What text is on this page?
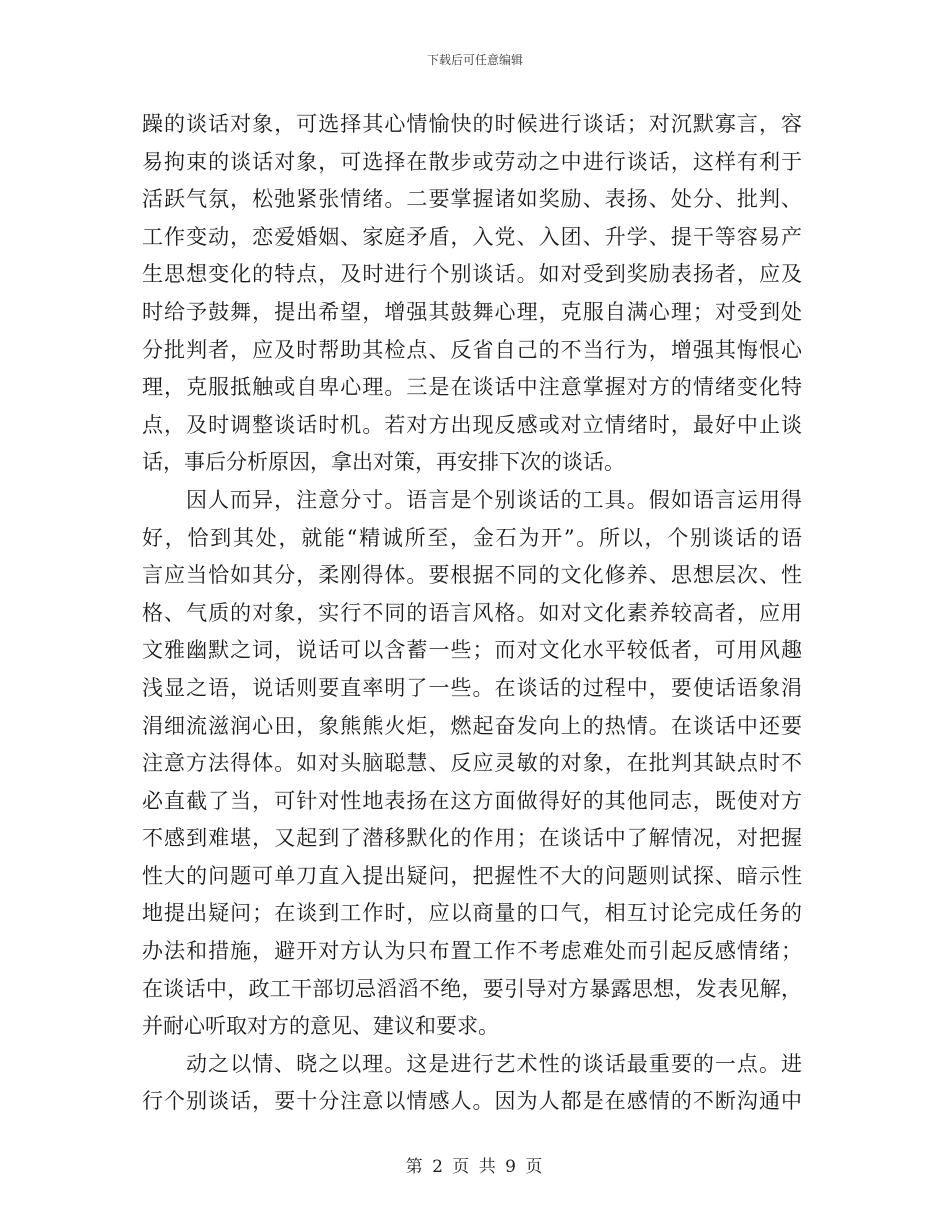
下载后可任意编辑
躁的谈话对象，可选择其心情愉快的时候进行谈话；对沉默寡言，容
易拘束的谈话对象，可选择在散步或劳动之中进行谈话，这样有利于
活跃气氛，松弛紧张情绪。二要掌握诸如奖励、表扬、处分、批判、
工作变动，恋爱婚姻、家庭矛盾，入党、入团、升学、提干等容易产
生思想变化的特点，及时进行个别谈话。如对受到奖励表扬者，应及
时给予鼓舞，提出希望，增强其鼓舞心理，克服自满心理；对受到处
分批判者，应及时帮助其检点、反省自己的不当行为，增强其悔恨心
理，克服抵触或自卑心理。三是在谈话中注意掌握对方的情绪变化特
点，及时调整谈话时机。若对方出现反感或对立情绪时，最好中止谈
话，事后分析原因，拿出对策，再安排下次的谈话。
因人而异，注意分寸。语言是个别谈话的工具。假如语言运用得
好，恰到其处，就能“精诚所至，金石为开”。所以，个别谈话的语
言应当恰如其分，柔刚得体。要根据不同的文化修养、思想层次、性
格、气质的对象，实行不同的语言风格。如对文化素养较高者，应用
文雅幽默之词，说话可以含蓄一些；而对文化水平较低者，可用风趣
浅显之语，说话则要直率明了一些。在谈话的过程中，要使话语象涓
涓细流滋润心田，象熊熊火炬，燃起奋发向上的热情。在谈话中还要
注意方法得体。如对头脑聪慧、反应灵敏的对象，在批判其缺点时不
必直截了当，可针对性地表扬在这方面做得好的其他同志，既使对方
不感到难堪，又起到了潜移默化的作用；在谈话中了解情况，对把握
性大的问题可单刀直入提出疑问，把握性不大的问题则试探、暗示性
地提出疑问；在谈到工作时，应以商量的口气，相互讨论完成任务的
办法和措施，避开对方认为只布置工作不考虑难处而引起反感情绪；
在谈话中，政工干部切忌滔滔不绝，要引导对方暴露思想，发表见解，
并耐心听取对方的意见、建议和要求。
动之以情、晓之以理。这是进行艺术性的谈话最重要的一点。进
行个别谈话，要十分注意以情感人。因为人都是在感情的不断沟通中
第 2 页 共 9 页
